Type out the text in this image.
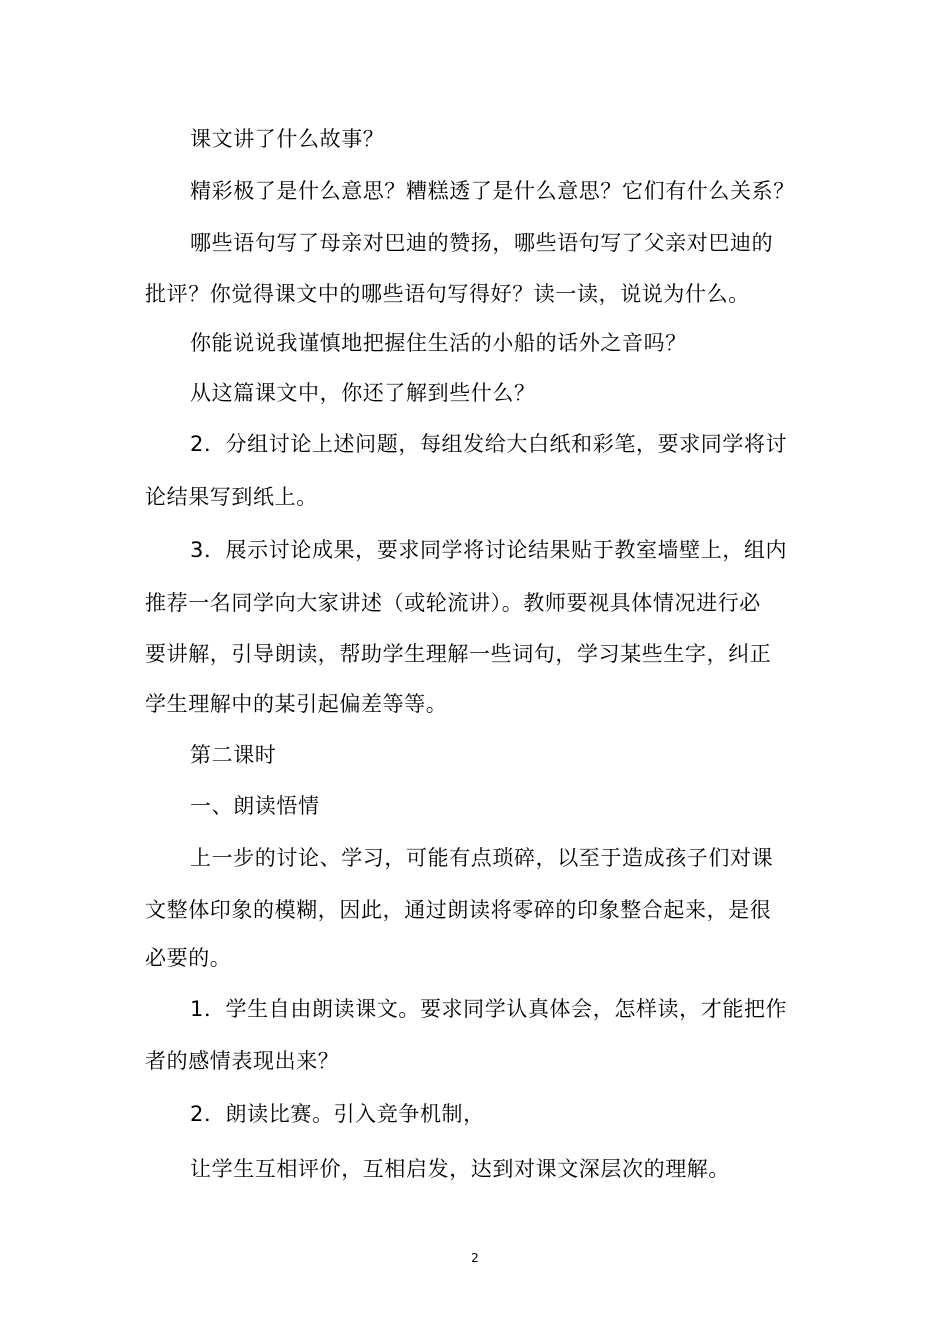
课文讲了什么故事？
精彩极了是什么意思？糟糕透了是什么意思？它们有什么关系？
哪些语句写了母亲对巴迪的赞扬，哪些语句写了父亲对巴迪的
批评？你觉得课文中的哪些语句写得好？读一读，说说为什么。
你能说说我谨慎地把握住生活的小船的话外之音吗？
从这篇课文中，你还了解到些什么？
2．分组讨论上述问题，每组发给大白纸和彩笔，要求同学将讨
论结果写到纸上。
3．展示讨论成果，要求同学将讨论结果贴于教室墙壁上，组内
推荐一名同学向大家讲述（或轮流讲）。教师要视具体情况进行必
要讲解，引导朗读，帮助学生理解一些词句，学习某些生字，纠正
学生理解中的某引起偏差等等。
第二课时
一、朗读悟情
上一步的讨论、学习，可能有点琐碎，以至于造成孩子们对课
文整体印象的模糊，因此，通过朗读将零碎的印象整合起来，是很
必要的。
1．学生自由朗读课文。要求同学认真体会，怎样读，才能把作
者的感情表现出来？
2．朗读比赛。引入竞争机制，
让学生互相评价，互相启发，达到对课文深层次的理解。
2
